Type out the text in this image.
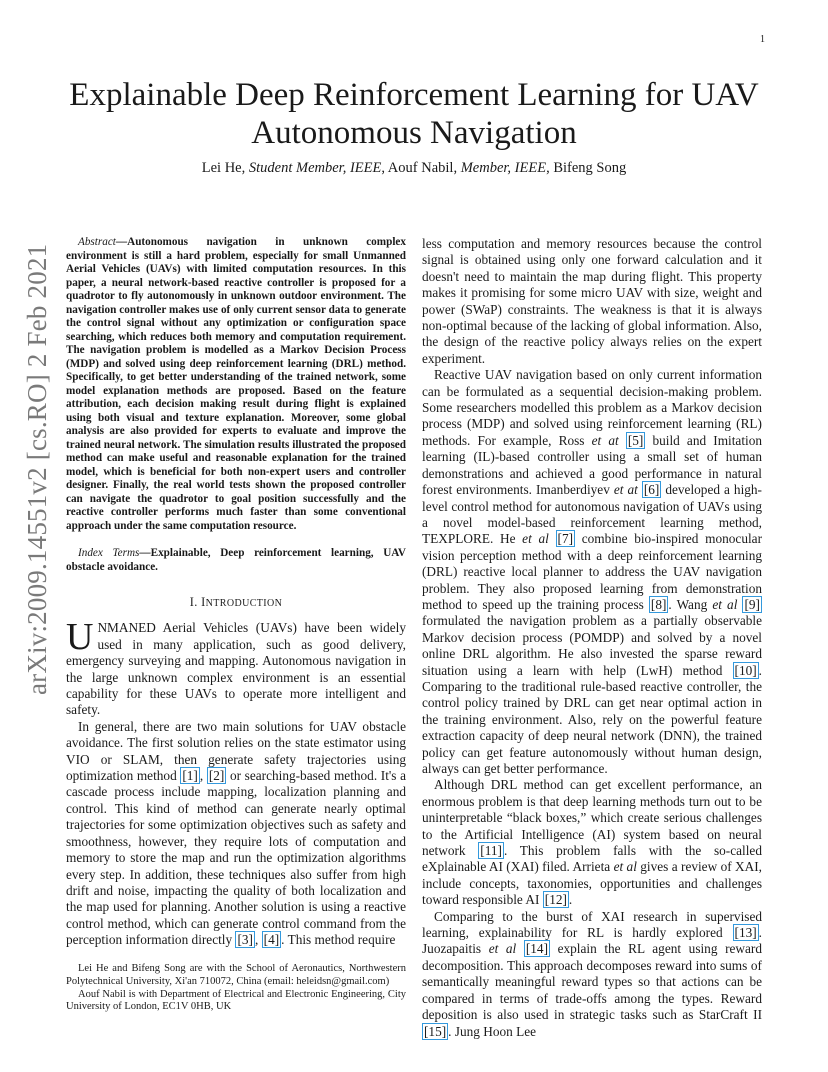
1
arXiv:2009.14551v2 [cs.RO] 2 Feb 2021
Explainable Deep Reinforcement Learning for UAV Autonomous Navigation
Lei He, Student Member, IEEE, Aouf Nabil, Member, IEEE, Bifeng Song

Abstract—Autonomous navigation in unknown complex environment is still a hard problem, especially for small Unmanned Aerial Vehicles (UAVs) with limited computation resources. In this paper, a neural network-based reactive controller is proposed for a quadrotor to fly autonomously in unknown outdoor environment. The navigation controller makes use of only current sensor data to generate the control signal without any optimization or configuration space searching, which reduces both memory and computation requirement. The navigation problem is modelled as a Markov Decision Process (MDP) and solved using deep reinforcement learning (DRL) method. Specifically, to get better understanding of the trained network, some model explanation methods are proposed. Based on the feature attribution, each decision making result during flight is explained using both visual and texture explanation. Moreover, some global analysis are also provided for experts to evaluate and improve the trained neural network. The simulation results illustrated the proposed method can make useful and reasonable explanation for the trained model, which is beneficial for both non-expert users and controller designer. Finally, the real world tests shown the proposed controller can navigate the quadrotor to goal position successfully and the reactive controller performs much faster than some conventional approach under the same computation resource.

Index Terms—Explainable, Deep reinforcement learning, UAV obstacle avoidance.

I. INTRODUCTION

UNMANED Aerial Vehicles (UAVs) have been widely used in many application, such as good delivery, emergency surveying and mapping. Autonomous navigation in the large unknown complex environment is an essential capability for these UAVs to operate more intelligent and safety.

In general, there are two main solutions for UAV obstacle avoidance. The first solution relies on the state estimator using VIO or SLAM, then generate safety trajectories using optimization method [1] , [2] or searching-based method. It's a cascade process include mapping, localization planning and control. This kind of method can generate nearly optimal trajectories for some optimization objectives such as safety and smoothness, however, they require lots of computation and memory to store the map and run the optimization algorithms every step. In addition, these techniques also suffer from high drift and noise, impacting the quality of both localization and the map used for planning. Another solution is using a reactive control method, which can generate control command from the perception information directly [3] , [4] . This method require

Lei He and Bifeng Song are with the School of Aeronautics, Northwestern Polytechnical University, Xi'an 710072, China (email: heleidsn@gmail.com)

Aouf Nabil is with Department of Electrical and Electronic Engineering, City University of London, EC1V 0HB, UK

less computation and memory resources because the control signal is obtained using only one forward calculation and it doesn't need to maintain the map during flight. This property makes it promising for some micro UAV with size, weight and power (SWaP) constraints. The weakness is that it is always non-optimal because of the lacking of global information. Also, the design of the reactive policy always relies on the expert experiment.

Reactive UAV navigation based on only current information can be formulated as a sequential decision-making problem. Some researchers modelled this problem as a Markov decision process (MDP) and solved using reinforcement learning (RL) methods. For example, Ross et at [5] build and Imitation learning (IL)-based controller using a small set of human demonstrations and achieved a good performance in natural forest environments. Imanberdiyev et at [6] developed a high-level control method for autonomous navigation of UAVs using a novel model-based reinforcement learning method, TEXPLORE. He et al [7] combine bio-inspired monocular vision perception method with a deep reinforcement learning (DRL) reactive local planner to address the UAV navigation problem. They also proposed learning from demonstration method to speed up the training process [8] . Wang et al [9] formulated the navigation problem as a partially observable Markov decision process (POMDP) and solved by a novel online DRL algorithm. He also invested the sparse reward situation using a learn with help (LwH) method [10] . Comparing to the traditional rule-based reactive controller, the control policy trained by DRL can get near optimal action in the training environment. Also, rely on the powerful feature extraction capacity of deep neural network (DNN), the trained policy can get feature autonomously without human design, always can get better performance.

Although DRL method can get excellent performance, an enormous problem is that deep learning methods turn out to be uninterpretable “black boxes,” which create serious challenges to the Artificial Intelligence (AI) system based on neural network [11] . This problem falls with the so-called eXplainable AI (XAI) filed. Arrieta et al gives a review of XAI, include concepts, taxonomies, opportunities and challenges toward responsible AI [12] .

Comparing to the burst of XAI research in supervised learning, explainability for RL is hardly explored [13] . Juozapaitis et al [14] explain the RL agent using reward decomposition. This approach decomposes reward into sums of semantically meaningful reward types so that actions can be compared in terms of trade-offs among the types. Reward deposition is also used in strategic tasks such as StarCraft II [15] . Jung Hoon Lee
